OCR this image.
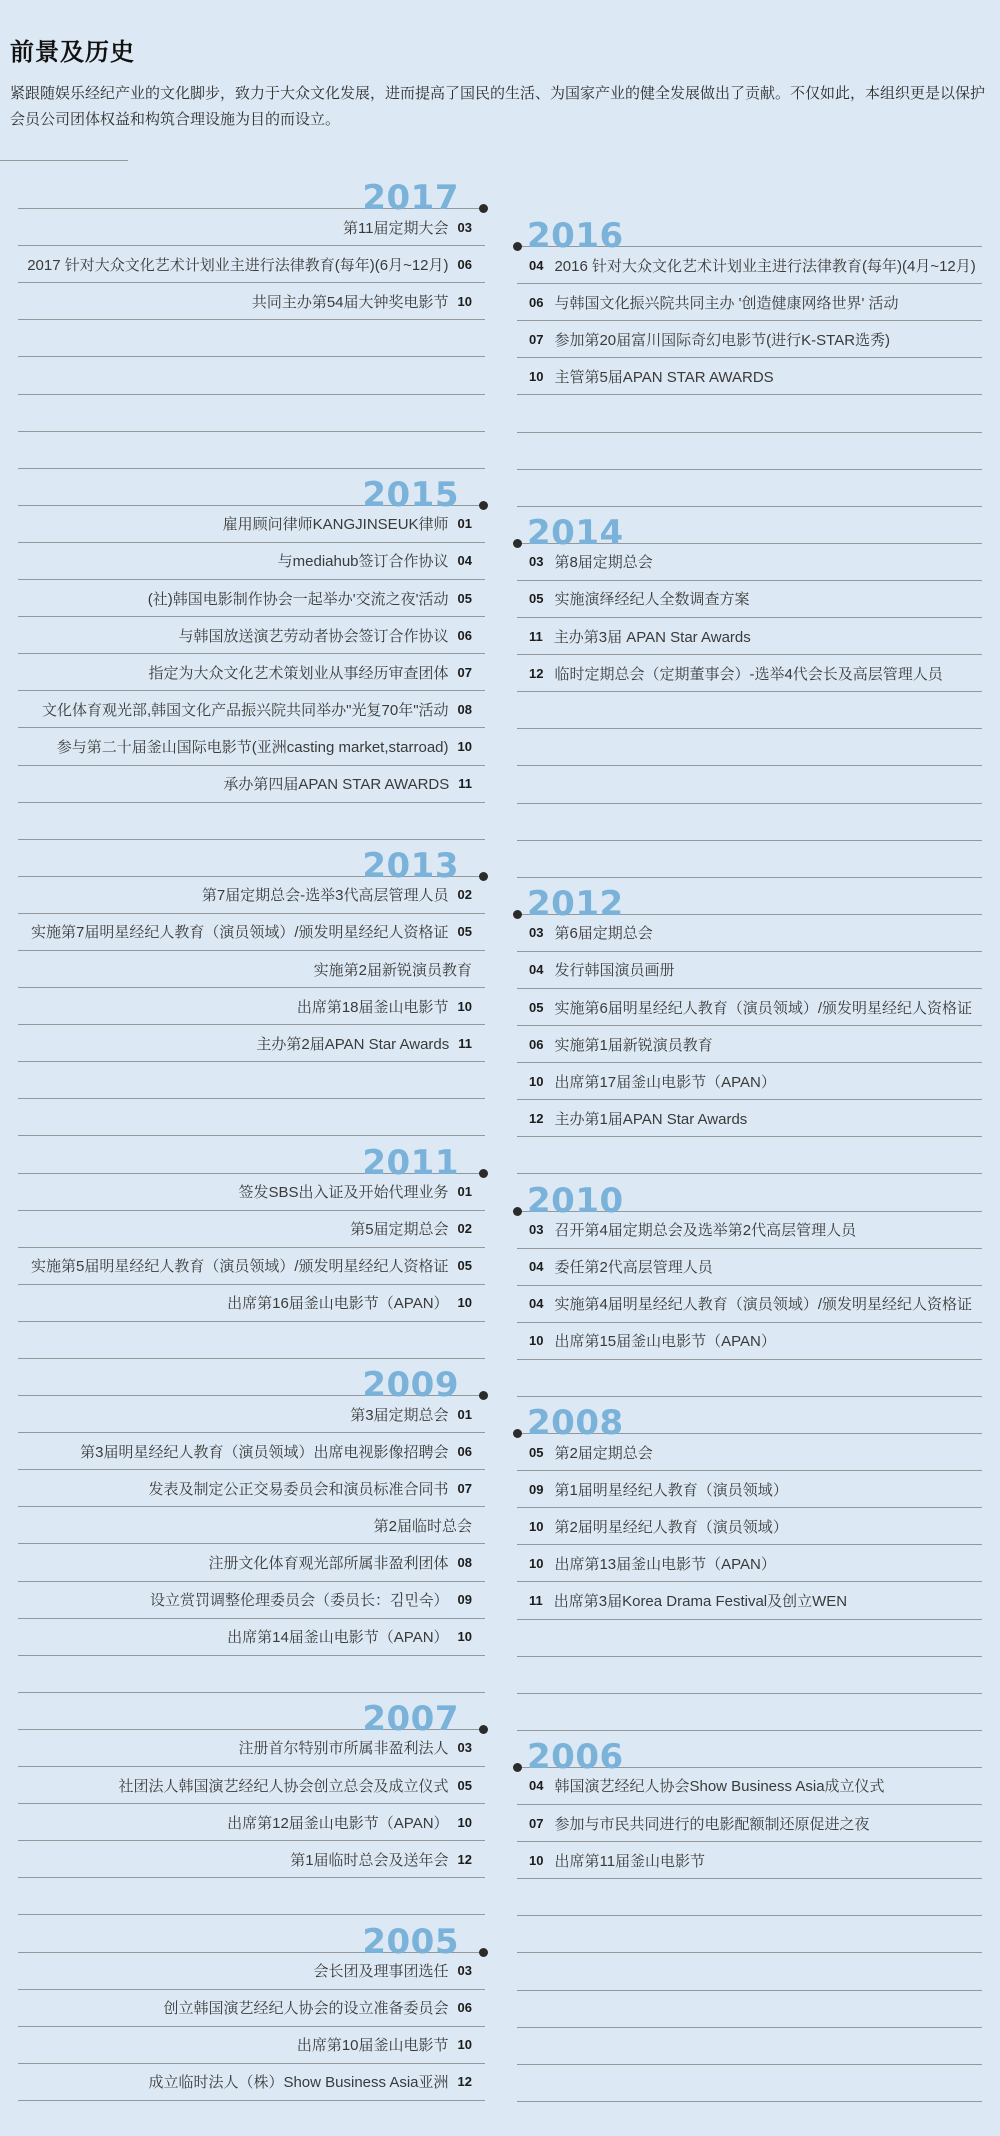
前景及历史

紧跟随娱乐经纪产业的文化脚步，致力于大众文化发展，进而提高了国民的生活、为国家产业的健全发展做出了贡献。不仅如此，本组织更是以保护会员公司团体权益和构筑合理设施为目的而设立。

2017
第11届定期大会 03
2017 针对大众文化艺术计划业主进行法律教育(每年)(6月~12月) 06
共同主办第54届大钟奖电影节 10
2015
雇用顾问律师KANGJINSEUK律师 01
与mediahub签订合作协议 04
(社)韩国电影制作协会一起举办'交流之夜'活动 05
与韩国放送演艺劳动者协会签订合作协议 06
指定为大众文化艺术策划业从事经历审查团体 07
文化体育观光部,韩国文化产品振兴院共同举办"光复70年"活动 08
参与第二十届釜山国际电影节(亚洲casting market,starroad) 10
承办第四届APAN STAR AWARDS 11
2013
第7届定期总会-选举3代高层管理人员 02
实施第7届明星经纪人教育（演员领域）/颁发明星经纪人资格证 05
实施第2届新锐演员教育
出席第18届釜山电影节 10
主办第2届APAN Star Awards 11
2011
签发SBS出入证及开始代理业务 01
第5届定期总会 02
实施第5届明星经纪人教育（演员领域）/颁发明星经纪人资格证 05
出席第16届釜山电影节（APAN） 10
2009
第3届定期总会 01
第3届明星经纪人教育（演员领域）出席电视影像招聘会 06
发表及制定公正交易委员会和演员标准合同书 07
第2届临时总会
注册文化体育观光部所属非盈利团体 08
设立赏罚调整伦理委员会（委员长：김민숙） 09
出席第14届釜山电影节（APAN） 10
2007
注册首尔特别市所属非盈利法人 03
社团法人韩国演艺经纪人协会创立总会及成立仪式 05
出席第12届釜山电影节（APAN） 10
第1届临时总会及送年会 12
2005
会长团及理事团选任 03
创立韩国演艺经纪人协会的设立准备委员会 06
出席第10届釜山电影节 10
成立临时法人（株）Show Business Asia亚洲 12
2016
04 2016 针对大众文化艺术计划业主进行法律教育(每年)(4月~12月)
06 与韩国文化振兴院共同主办 '创造健康网络世界' 活动
07 参加第20届富川国际奇幻电影节(进行K-STAR选秀)
10 主管第5届APAN STAR AWARDS
2014
03 第8届定期总会
05 实施演绎经纪人全数调查方案
11 主办第3届 APAN Star Awards
12 临时定期总会（定期董事会）-选举4代会长及高层管理人员
2012
03 第6届定期总会
04 发行韩国演员画册
05 实施第6届明星经纪人教育（演员领域）/颁发明星经纪人资格证
06 实施第1届新锐演员教育
10 出席第17届釜山电影节（APAN）
12 主办第1届APAN Star Awards
2010
03 召开第4届定期总会及选举第2代高层管理人员
04 委任第2代高层管理人员
04 实施第4届明星经纪人教育（演员领域）/颁发明星经纪人资格证
10 出席第15届釜山电影节（APAN）
2008
05 第2届定期总会
09 第1届明星经纪人教育（演员领域）
10 第2届明星经纪人教育（演员领域）
10 出席第13届釜山电影节（APAN）
11 出席第3届Korea Drama Festival及创立WEN
2006
04 韩国演艺经纪人协会Show Business Asia成立仪式
07 参加与市民共同进行的电影配额制还原促进之夜
10 出席第11届釜山电影节
